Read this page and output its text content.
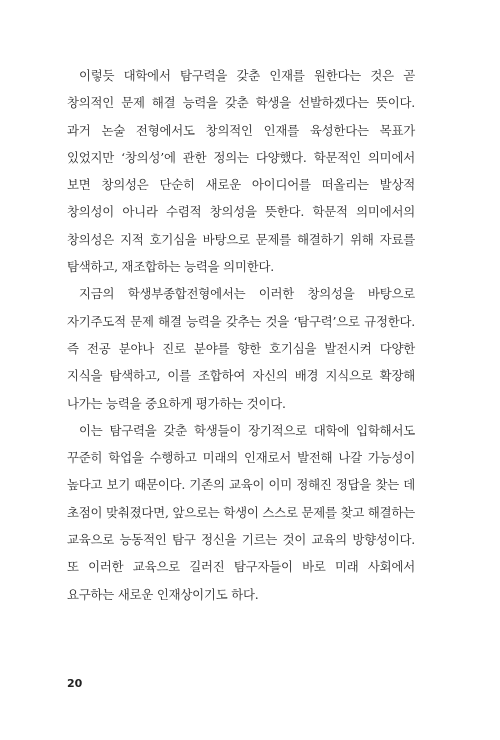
이렇듯 대학에서 탐구력을 갖춘 인재를 원한다는 것은 곧 창의적인 문제 해결 능력을 갖춘 학생을 선발하겠다는 뜻이다. 과거 논술 전형에서도 창의적인 인재를 육성한다는 목표가 있었지만 ‘창의성’에 관한 정의는 다양했다. 학문적인 의미에서 보면 창의성은 단순히 새로운 아이디어를 떠올리는 발상적 창의성이 아니라 수렴적 창의성을 뜻한다. 학문적 의미에서의 창의성은 지적 호기심을 바탕으로 문제를 해결하기 위해 자료를 탐색하고, 재조합하는 능력을 의미한다.

지금의 학생부종합전형에서는 이러한 창의성을 바탕으로 자기주도적 문제 해결 능력을 갖추는 것을 ‘탐구력’으로 규정한다. 즉 전공 분야나 진로 분야를 향한 호기심을 발전시켜 다양한 지식을 탐색하고, 이를 조합하여 자신의 배경 지식으로 확장해 나가는 능력을 중요하게 평가하는 것이다.

이는 탐구력을 갖춘 학생들이 장기적으로 대학에 입학해서도 꾸준히 학업을 수행하고 미래의 인재로서 발전해 나갈 가능성이 높다고 보기 때문이다. 기존의 교육이 이미 정해진 정답을 찾는 데 초점이 맞춰졌다면, 앞으로는 학생이 스스로 문제를 찾고 해결하는 교육으로 능동적인 탐구 정신을 기르는 것이 교육의 방향성이다. 또 이러한 교육으로 길러진 탐구자들이 바로 미래 사회에서 요구하는 새로운 인재상이기도 하다.

20
